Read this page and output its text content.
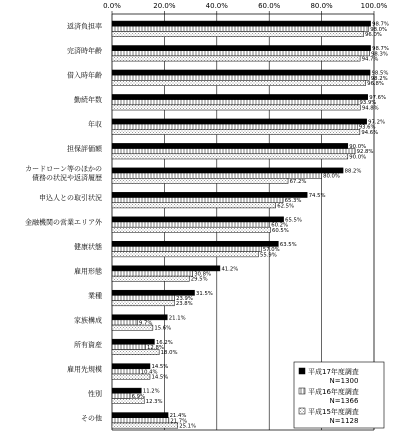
0.0%	20.0%	40.0%	60.0%	80.0%	100.0%
返済負担率
完済時年齢
借入時年齢
勤続年数
年収
担保評価額
カードローン等のほかの
債務の状況や返済履歴
申込人との取引状況
金融機関の営業エリア外
健康状態
雇用形態
業種
家族構成
所有資産
雇用先規模
性別
その他
98.7%
98.7%
98.5%
97.6%
97.2%
90.0%
88.2%
74.5%
65.5%
63.5%
41.2%
31.5%
21.1%
16.2%
14.5%
11.2%
21.4%
98.0%
98.3%
98.2%
93.9%
93.6%
92.8%
80.0%
65.3%
60.2%
57.0%
30.8%
23.9%
9.7%
12.8%
10.4%
6.9%
21.7%
96.0%
94.7%
96.8%
94.8%
94.6%
90.0%
67.2%
62.5%
60.5%
55.9%
29.5%
23.8%
15.6%
18.0%
14.5%
12.3%
25.1%
平成17年度調査
N=1300
平成16年度調査
N=1366
平成15年度調査
N=1128
